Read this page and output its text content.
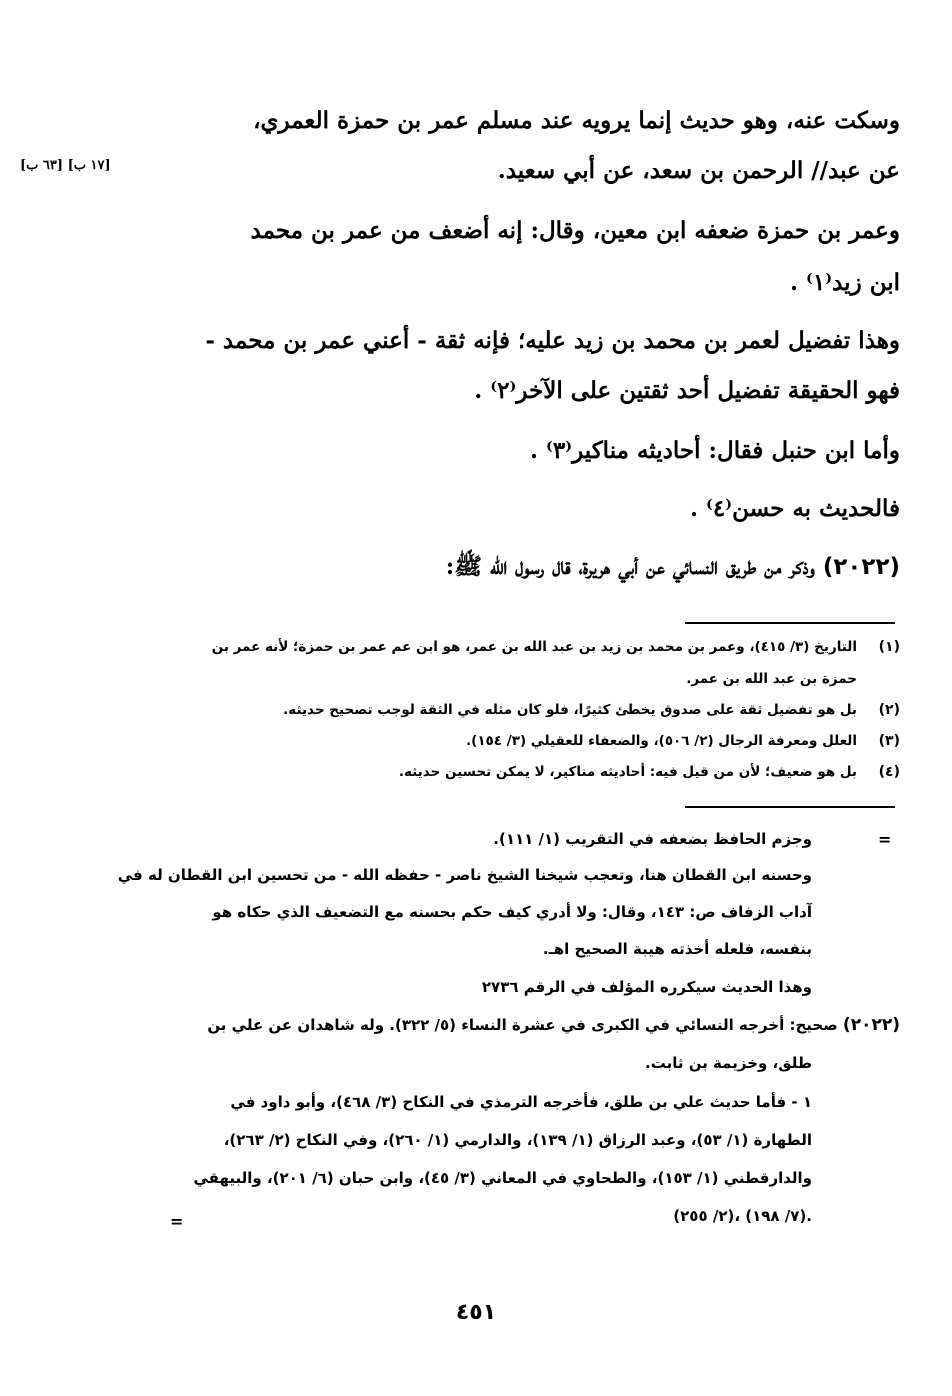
[١٧ ب] [٦٣ ب]
وسكت عنه، وهو حديث إنما يرويه عند مسلم عمر بن حمزة العمري،
عن عبد// الرحمن بن سعد، عن أبي سعيد.
وعمر بن حمزة ضعفه ابن معين، وقال: إنه أضعف من عمر بن محمد
ابن زيد⁽١⁾ .
وهذا تفضيل لعمر بن محمد بن زيد عليه؛ فإنه ثقة - أعني عمر بن محمد -
فهو الحقيقة تفضيل أحد ثقتين على الآخر⁽٢⁾ .
وأما ابن حنبل فقال: أحاديثه مناكير⁽٣⁾ .
فالحديث به حسن⁽٤⁾ .
(٢٠٢٢) وذكر من طريق النسائي عن أبي هريرة، قال رسول الله ﷺ:
(١)
التاريخ (٣/ ٤١٥)، وعمر بن محمد بن زيد بن عبد الله بن عمر، هو ابن عم عمر بن حمزة؛ لأنه عمر بن
حمزة بن عبد الله بن عمر.
(٢)
بل هو تفضيل ثقة على صدوق يخطئ كثيرًا، فلو كان مثله في الثقة لوجب تصحيح حديثه.
(٣)
العلل ومعرفة الرجال (٢/ ٥٠٦)، والضعفاء للعقيلي (٣/ ١٥٤).
(٤)
بل هو ضعيف؛ لأن من قيل فيه: أحاديثه مناكير، لا يمكن تحسين حديثه.
=
وجزم الحافظ بضعفه في التقريب (١/ ١١١).
وحسنه ابن القطان هنا، وتعجب شيخنا الشيخ ناصر - حفظه الله - من تحسين ابن القطان له في
آداب الزفاف ص: ١٤٣، وقال: ولا أدري كيف حكم بحسنه مع التضعيف الذي حكاه هو
بنفسه، فلعله أخذته هيبة الصحيح اهـ.
وهذا الحديث سيكرره المؤلف في الرقم ٢٧٣٦
(٢٠٢٢) صحيح: أخرجه النسائي في الكبرى في عشرة النساء (٥/ ٣٢٢). وله شاهدان عن علي بن
طلق، وخزيمة بن ثابت.
١ - فأما حديث علي بن طلق، فأخرجه الترمذي في النكاح (٣/ ٤٦٨)، وأبو داود في
الطهارة (١/ ٥٣)، وعبد الرزاق (١/ ١٣٩)، والدارمي (١/ ٢٦٠)، وفي النكاح (٢/ ٢٦٣)،
والدارقطني (١/ ١٥٣)، والطحاوي في المعاني (٣/ ٤٥)، وابن حبان (٦/ ٢٠١)، والبيهقي
(٢/ ٢٥٥)، (٧/ ١٩٨).
=
٤٥١
